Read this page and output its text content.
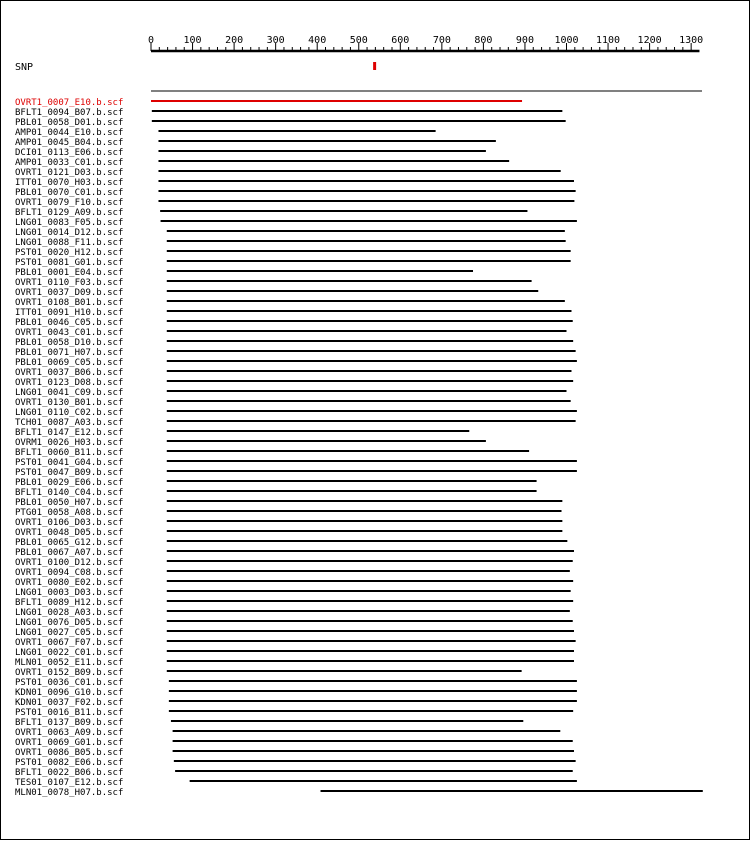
0	100 200 300 400 500 600 700 800 900 1000 1100 1200 1300
SNP
OVRT1_0007_E10.b.scf
BFLT1_0094_B07.b.scf
PBL01_0058_D01.b.scf
AMP01_0044_E10.b.scf
AMP01_0045_B04.b.scf
DCI01_0113_E06.b.scf
AMP01_0033_C01.b.scf
OVRT1_0121_D03.b.scf
ITT01_0070_H03.b.scf
PBL01_0070_C01.b.scf
OVRT1_0079_F10.b.scf
BFLT1_0129_A09.b.scf
LNG01_0083_F05.b.scf
LNG01_0014_D12.b.scf
LNG01_0088_F11.b.scf
PST01_0020_H12.b.scf
PST01_0081_G01.b.scf
PBL01_0001_E04.b.scf
OVRT1_0110_F03.b.scf
OVRT1_0037_D09.b.scf
OVRT1_0108_B01.b.scf
ITT01_0091_H10.b.scf
PBL01_0046_C05.b.scf
OVRT1_0043_C01.b.scf
PBL01_0058_D10.b.scf
PBL01_0071_H07.b.scf
PBL01_0069_C05.b.scf
OVRT1_0037_B06.b.scf
OVRT1_0123_D08.b.scf
LNG01_0041_C09.b.scf
OVRT1_0130_B01.b.scf
LNG01_0110_C02.b.scf
TCH01_0087_A03.b.scf
BFLT1_0147_E12.b.scf
OVRM1_0026_H03.b.scf
BFLT1_0060_B11.b.scf
PST01_0041_G04.b.scf
PST01_0047_B09.b.scf
PBL01_0029_E06.b.scf
BFLT1_0140_C04.b.scf
PBL01_0050_H07.b.scf
PTG01_0058_A08.b.scf
OVRT1_0106_D03.b.scf
OVRT1_0048_D05.b.scf
PBL01_0065_G12.b.scf
PBL01_0067_A07.b.scf
OVRT1_0100_D12.b.scf
OVRT1_0094_C08.b.scf
OVRT1_0080_E02.b.scf
LNG01_0003_D03.b.scf
BFLT1_0089_H12.b.scf
LNG01_0028_A03.b.scf
LNG01_0076_D05.b.scf
LNG01_0027_C05.b.scf
OVRT1_0067_F07.b.scf
LNG01_0022_C01.b.scf
MLN01_0052_E11.b.scf
OVRT1_0152_B09.b.scf
PST01_0036_C01.b.scf
KDN01_0096_G10.b.scf
KDN01_0037_F02.b.scf
PST01_0016_B11.b.scf
BFLT1_0137_B09.b.scf
OVRT1_0063_A09.b.scf
OVRT1_0069_G01.b.scf
OVRT1_0086_B05.b.scf
PST01_0082_E06.b.scf
BFLT1_0022_B06.b.scf
TES01_0107_E12.b.scf
MLN01_0078_H07.b.scf
